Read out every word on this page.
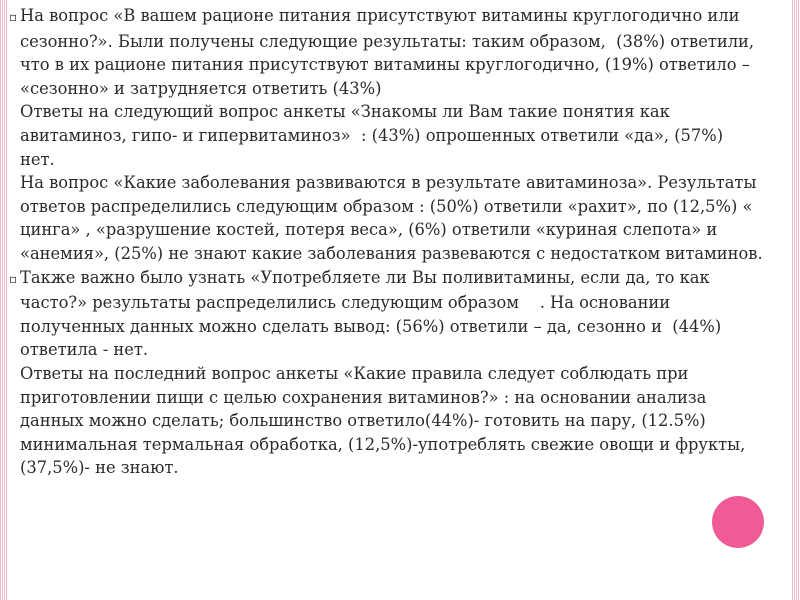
▫ На вопрос «В вашем рационе питания присутствуют витамины круглогодично или
сезонно?». Были получены следующие результаты: таким образом,  (38%) ответили,
что в их рационе питания присутствуют витамины круглогодично, (19%) ответило –
«сезонно» и затрудняется ответить (43%)

Ответы на следующий вопрос анкеты «Знакомы ли Вам такие понятия как
авитаминоз, гипо- и гипервитаминоз»  : (43%) опрошенных ответили «да», (57%)
нет.

На вопрос «Какие заболевания развиваются в результате авитаминоза». Результаты
ответов распределились следующим образом : (50%) ответили «рахит», по (12,5%) «
цинга» , «разрушение костей, потеря веса», (6%) ответили «куриная слепота» и
«анемия», (25%) не знают какие заболевания развеваются с недостатком витаминов.

▫ Также важно было узнать «Употребляете ли Вы поливитамины, если да, то как
часто?» результаты распределились следующим образом    . На основании
полученных данных можно сделать вывод: (56%) ответили – да, сезонно и  (44%)
ответила - нет.

Ответы на последний вопрос анкеты «Какие правила следует соблюдать при
приготовлении пищи с целью сохранения витаминов?» : на основании анализа
данных можно сделать; большинство ответило(44%)- готовить на пару, (12.5%)
минимальная термальная обработка, (12,5%)-употреблять свежие овощи и фрукты,
(37,5%)- не знают.
